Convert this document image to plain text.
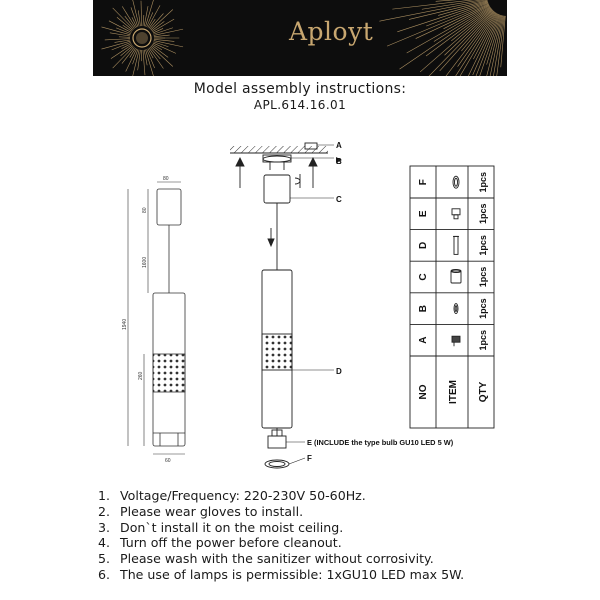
Aployt
Model assembly instructions:
APL.614.16.01
80
80
1600
1940
260
60
A
B
C
D
E (INCLUDE the type bulb GU10 LED 5 W)
F
NO ITEM QTY
A	1pcs
B	1pcs
C	1pcs
D	1pcs
E	1pcs
F	1pcs
1. Voltage/Frequency: 220-230V 50-60Hz.
2. Please wear gloves to install.
3. Don`t install it on the moist ceiling.
4. Turn off the power before cleanout.
5. Please wash with the sanitizer without corrosivity.
6. The use of lamps is permissible: 1xGU10 LED max 5W.
